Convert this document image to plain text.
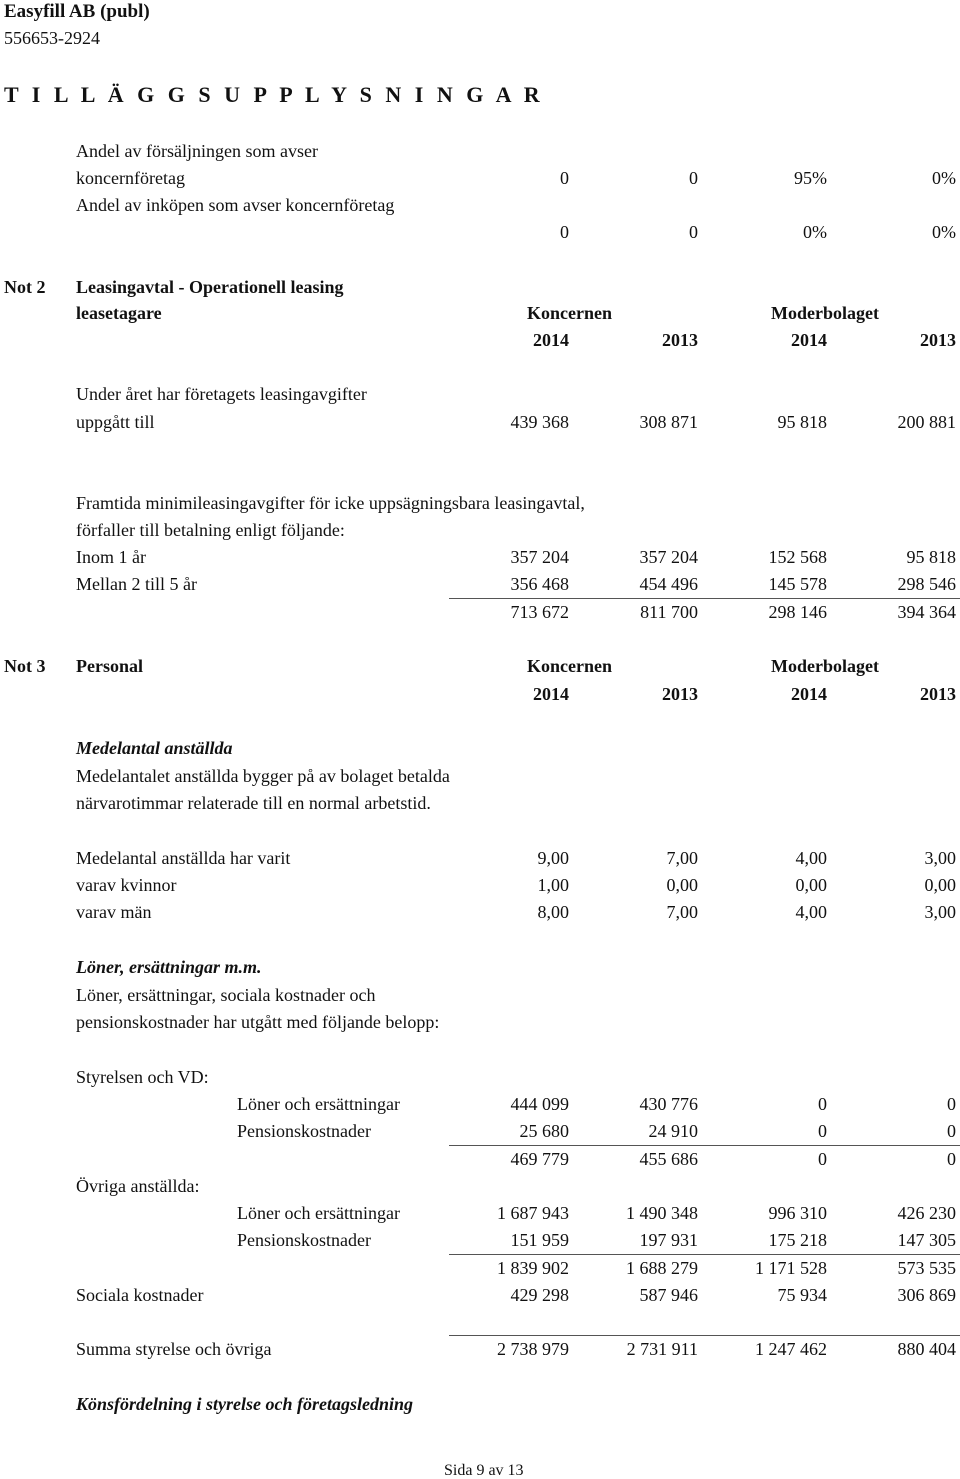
Easyfill AB (publ)
556653-2924
T I L L Ä G G S U P P L Y S N I N G A R
Andel av försäljningen som avser
koncernföretag	0	0	95%	0%
Andel av inköpen som avser koncernföretag
0	0	0%	0%
Not 2 Leasingavtal - Operationell leasing
leasetagare	Koncernen	Moderbolaget
2014	2013	2014	2013
Under året har företagets leasingavgifter
uppgått till	439 368	308 871	95 818	200 881
Framtida minimileasingavgifter för icke uppsägningsbara leasingavtal,
förfaller till betalning enligt följande:
Inom 1 år	357 204	357 204	152 568	95 818
Mellan 2 till 5 år	356 468	454 496	145 578	298 546
713 672	811 700	298 146	394 364
Not 3 Personal	Koncernen	Moderbolaget
2014	2013	2014	2013
Medelantal anställda
Medelantalet anställda bygger på av bolaget betalda
närvarotimmar relaterade till en normal arbetstid.
Medelantal anställda har varit	9,00	7,00	4,00	3,00
varav kvinnor	1,00	0,00	0,00	0,00
varav män	8,00	7,00	4,00	3,00
Löner, ersättningar m.m.
Löner, ersättningar, sociala kostnader och
pensionskostnader har utgått med följande belopp:
Styrelsen och VD:
Löner och ersättningar	444 099	430 776	0	0
Pensionskostnader	25 680	24 910	0	0
469 779	455 686	0	0
Övriga anställda:
Löner och ersättningar	1 687 943	1 490 348	996 310	426 230
Pensionskostnader	151 959	197 931	175 218	147 305
1 839 902	1 688 279	1 171 528	573 535
Sociala kostnader	429 298	587 946	75 934	306 869
Summa styrelse och övriga	2 738 979	2 731 911	1 247 462	880 404
Könsfördelning i styrelse och företagsledning
Sida 9 av 13
